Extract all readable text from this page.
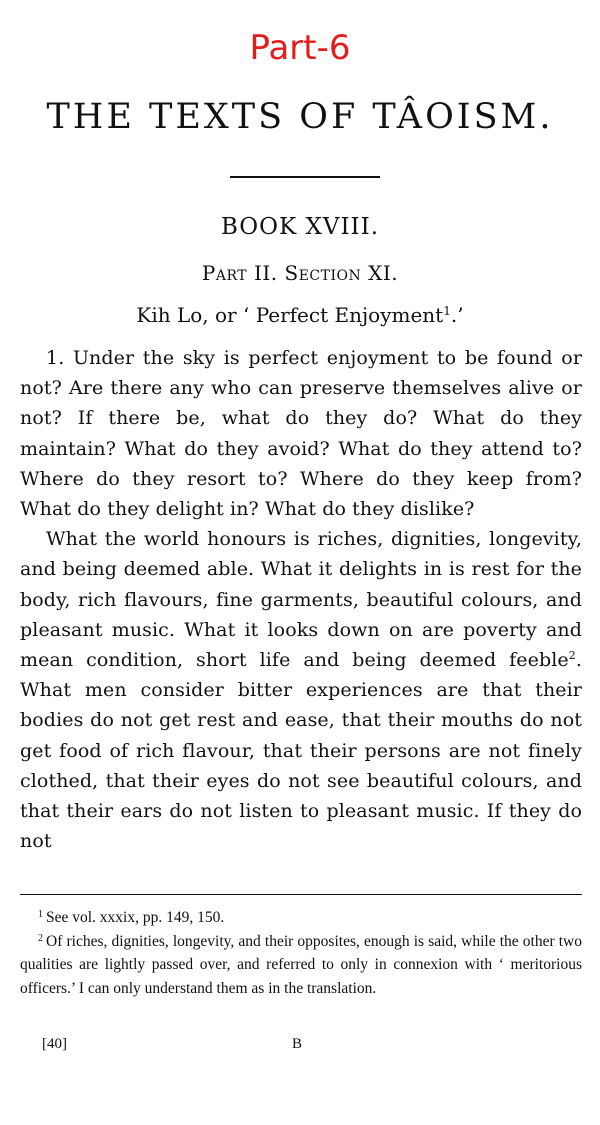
Part-6
THE TEXTS OF TÂOISM.
BOOK XVIII.
Part II. Section XI.
Kih Lo, or ‘ Perfect Enjoyment$^1$.’

1. Under the sky is perfect enjoyment to be found or not? Are there any who can preserve themselves alive or not? If there be, what do they do? What do they maintain? What do they avoid? What do they attend to? Where do they resort to? Where do they keep from? What do they delight in? What do they dislike?

What the world honours is riches, dignities, longevity, and being deemed able. What it delights in is rest for the body, rich flavours, fine garments, beautiful colours, and pleasant music. What it looks down on are poverty and mean condition, short life and being deemed feeble$^2$. What men consider bitter experiences are that their bodies do not get rest and ease, that their mouths do not get food of rich flavour, that their persons are not finely clothed, that their eyes do not see beautiful colours, and that their ears do not listen to pleasant music. If they do not

$^1$ See vol. xxxix, pp. 149, 150.

$^2$ Of riches, dignities, longevity, and their opposites, enough is said, while the other two qualities are lightly passed over, and referred to only in connexion with ‘ meritorious officers.’ I can only understand them as in the translation.

[40]	B
